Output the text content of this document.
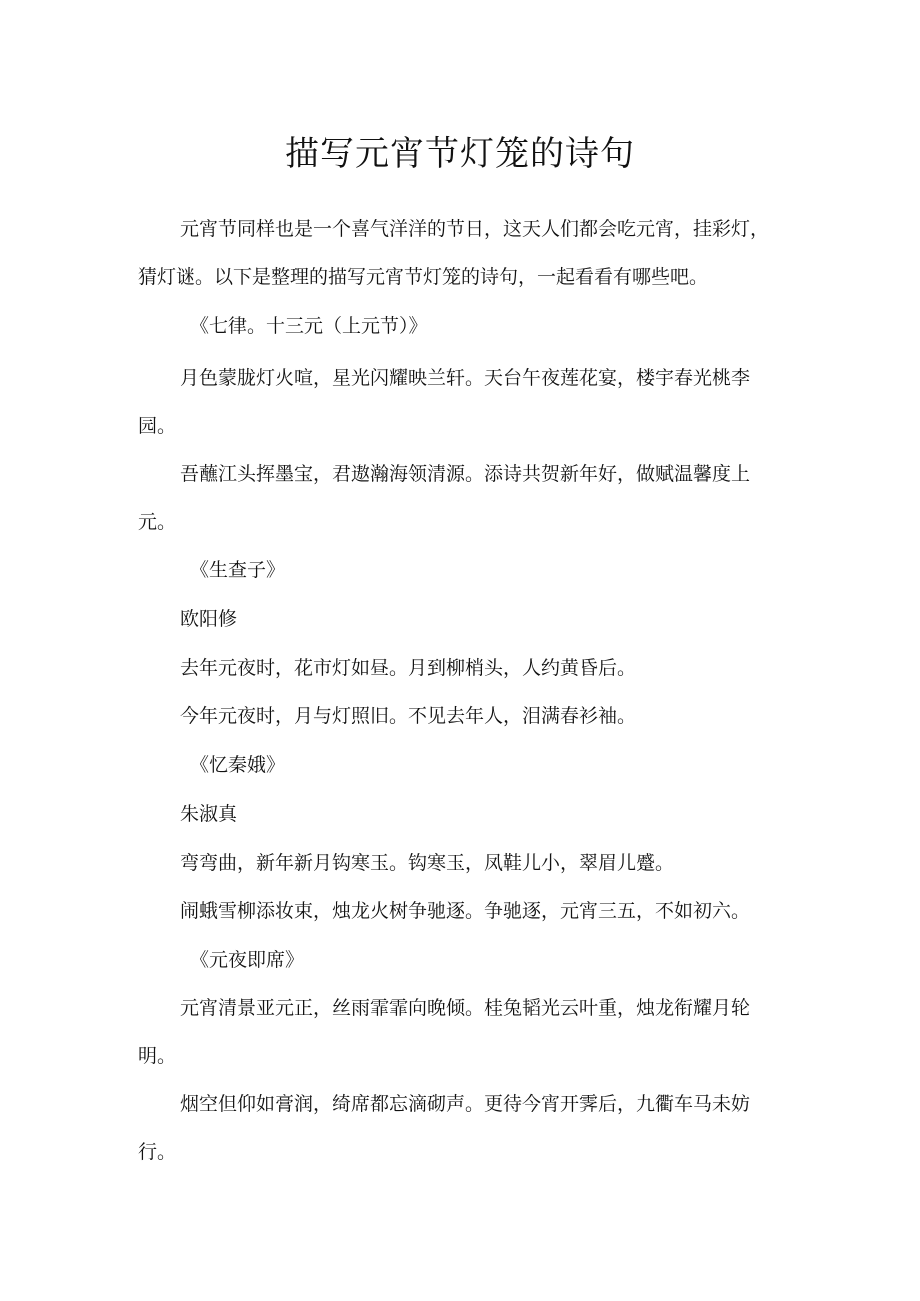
描写元宵节灯笼的诗句
元宵节同样也是一个喜气洋洋的节日，这天人们都会吃元宵，挂彩灯，
猜灯谜。以下是整理的描写元宵节灯笼的诗句，一起看看有哪些吧。
《七律。十三元（上元节）》
月色蒙胧灯火喧，星光闪耀映兰轩。天台午夜莲花宴，楼宇春光桃李
园。
吾蘸江头挥墨宝，君遨瀚海领清源。添诗共贺新年好，做赋温馨度上
元。
《生查子》
欧阳修
去年元夜时，花市灯如昼。月到柳梢头，人约黄昏后。
今年元夜时，月与灯照旧。不见去年人，泪满春衫袖。
《忆秦娥》
朱淑真
弯弯曲，新年新月钩寒玉。钩寒玉，凤鞋儿小，翠眉儿蹙。
闹蛾雪柳添妆束，烛龙火树争驰逐。争驰逐，元宵三五，不如初六。
《元夜即席》
元宵清景亚元正，丝雨霏霏向晚倾。桂兔韬光云叶重，烛龙衔耀月轮
明。
烟空但仰如膏润，绮席都忘滴砌声。更待今宵开霁后，九衢车马未妨
行。
